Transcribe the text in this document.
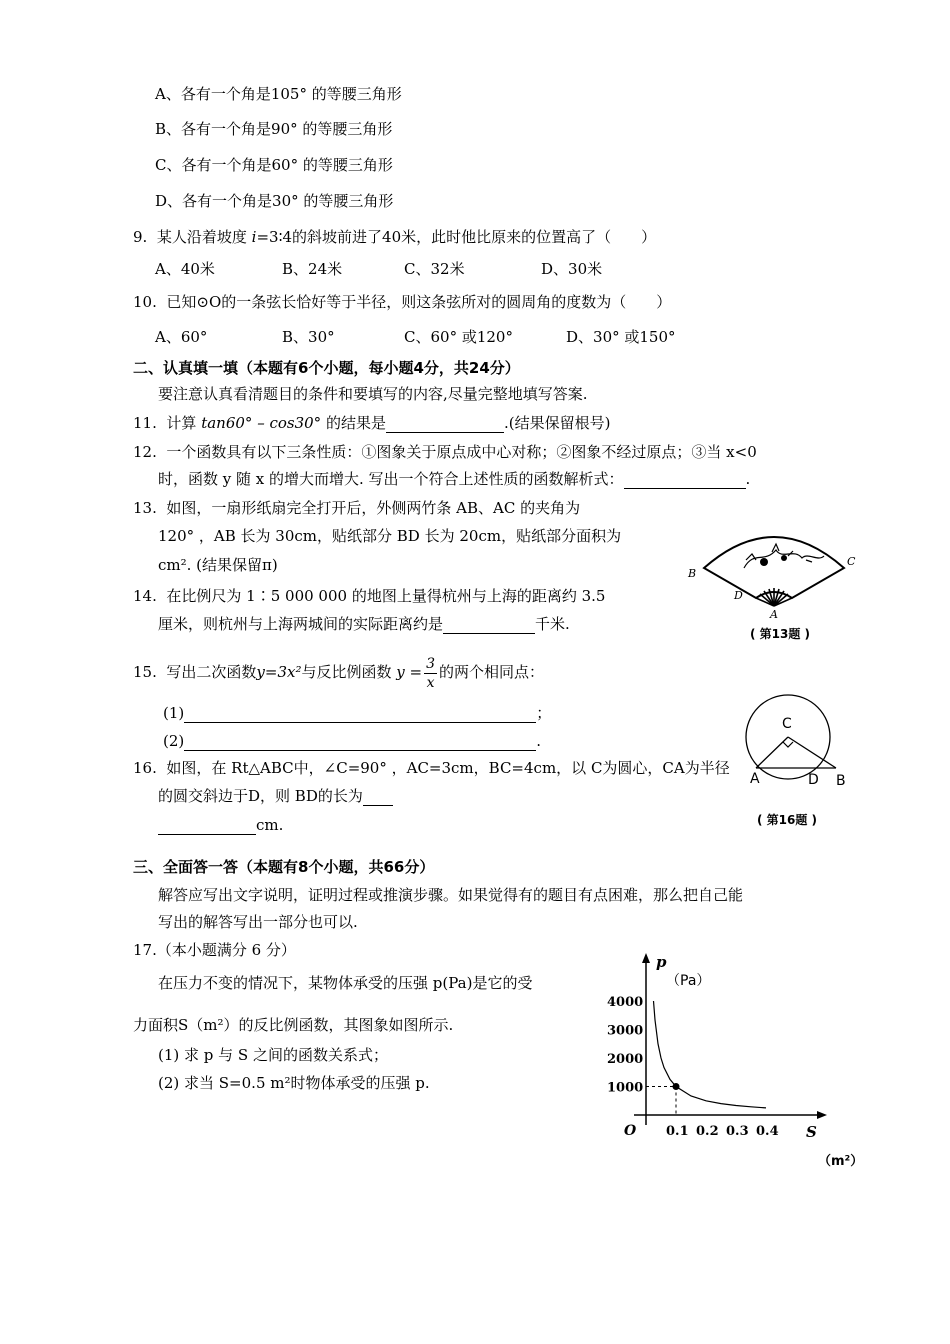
A、各有一个角是105° 的等腰三角形
B、各有一个角是90° 的等腰三角形
C、各有一个角是60° 的等腰三角形
D、各有一个角是30° 的等腰三角形
9. 某人沿着坡度 i=3∶4的斜坡前进了40米，此时他比原来的位置高了（　　）
A、40米	B、24米	C、32米	D、30米
10. 已知⊙O的一条弦长恰好等于半径，则这条弦所对的圆周角的度数为（　　）
A、60°	B、30°	C、60° 或120°	D、30° 或150°
二、认真填一填（本题有6个小题，每小题4分，共24分）
要注意认真看清题目的条件和要填写的内容,尽量完整地填写答案.
11. 计算 tan60° – cos30° 的结果是	.(结果保留根号)
12. 一个函数具有以下三条性质：①图象关于原点成中心对称；②图象不经过原点；③当 x<0
时，函数 y 随 x 的增大而增大. 写出一个符合上述性质的函数解析式：	.
13. 如图，一扇形纸扇完全打开后，外侧两竹条 AB、AC 的夹角为
120° ，AB 长为 30cm，贴纸部分 BD 长为 20cm，贴纸部分面积为
cm². (结果保留π)	B
C
D
A
( 第13题 )
14. 在比例尺为 1∶5 000 000 的地图上量得杭州与上海的距离约 3.5
厘米，则杭州与上海两城间的实际距离约是	千米.
15. 写出二次函数y=3x²与反比例函数 $y = \frac{3}{x}$ 的两个相同点：
(1)	；
(2)	.
C
A	D B
( 第16题 )
16. 如图，在 Rt△ABC中，∠C=90° ，AC=3cm，BC=4cm，以 C为圆心，CA为半径
的圆交斜边于D，则 BD的长为
cm.
三、全面答一答（本题有8个小题，共66分）
解答应写出文字说明，证明过程或推演步骤。如果觉得有的题目有点困难，那么把自己能
写出的解答写出一部分也可以.
17.（本小题满分 6 分）
在压力不变的情况下，某物体承受的压强 p(Pa)是它的受
力面积S（m²）的反比例函数，其图象如图所示.
(1) 求 p 与 S 之间的函数关系式；
(2) 求当 S=0.5 m²时物体承受的压强 p.
0.1 0.2 0.3 0.4
1000
2000
3000
4000
p
（Pa）
S
（m²）
O
